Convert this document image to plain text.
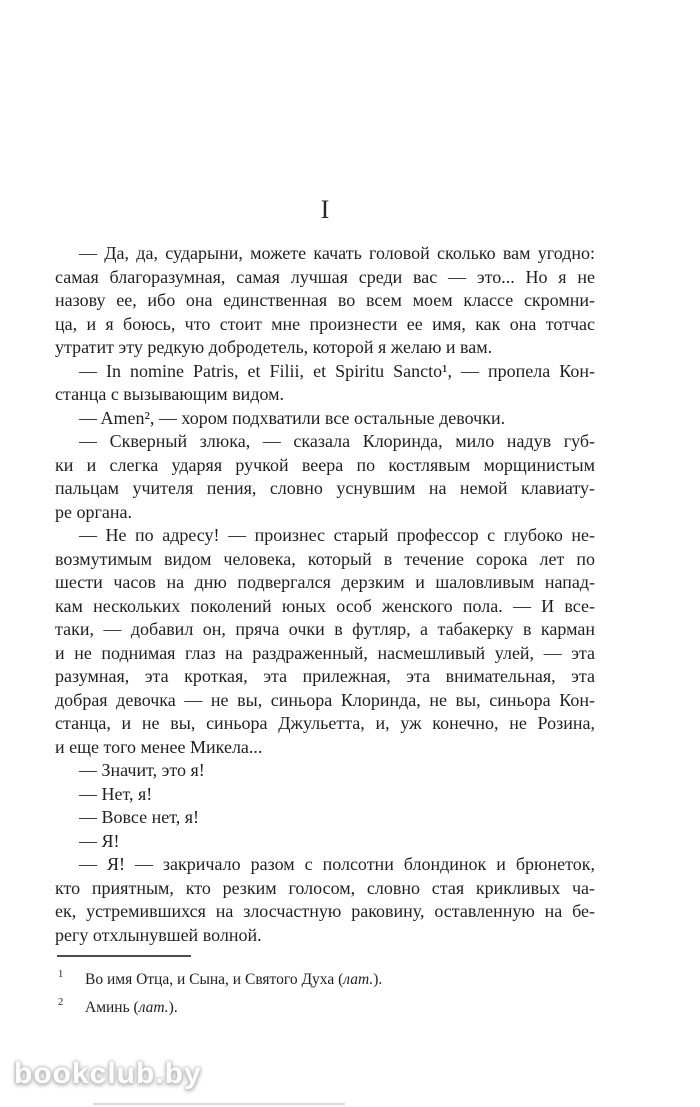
I
— Да, да, сударыни, можете качать головой сколько вам угодно:
самая благоразумная, самая лучшая среди вас — это... Но я не
назову ее, ибо она единственная во всем моем классе скромни-
ца, и я боюсь, что стоит мне произнести ее имя, как она тотчас
утратит эту редкую добродетель, которой я желаю и вам.
— In nomine Patris, et Filii, et Spiritu Sancto¹, — пропела Кон-
станца с вызывающим видом.
— Amen², — хором подхватили все остальные девочки.
— Скверный злюка, — сказала Клоринда, мило надув губ-
ки и слегка ударяя ручкой веера по костлявым морщинистым
пальцам учителя пения, словно уснувшим на немой клавиату-
ре органа.
— Не по адресу! — произнес старый профессор с глубоко не-
возмутимым видом человека, который в течение сорока лет по
шести часов на дню подвергался дерзким и шаловливым напад-
кам нескольких поколений юных особ женского пола. — И все-
таки, — добавил он, пряча очки в футляр, а табакерку в карман
и не поднимая глаз на раздраженный, насмешливый улей, — эта
разумная, эта кроткая, эта прилежная, эта внимательная, эта
добрая девочка — не вы, синьора Клоринда, не вы, синьора Кон-
станца, и не вы, синьора Джульетта, и, уж конечно, не Розина,
и еще того менее Микела...
— Значит, это я!
— Нет, я!
— Вовсе нет, я!
— Я!
— Я! — закричало разом с полсотни блондинок и брюнеток,
кто приятным, кто резким голосом, словно стая крикливых ча-
ек, устремившихся на злосчастную раковину, оставленную на бе-
регу отхлынувшей волной.
1 Во имя Отца, и Сына, и Святого Духа (лат.).
2 Аминь (лат.).
bookclub.by
